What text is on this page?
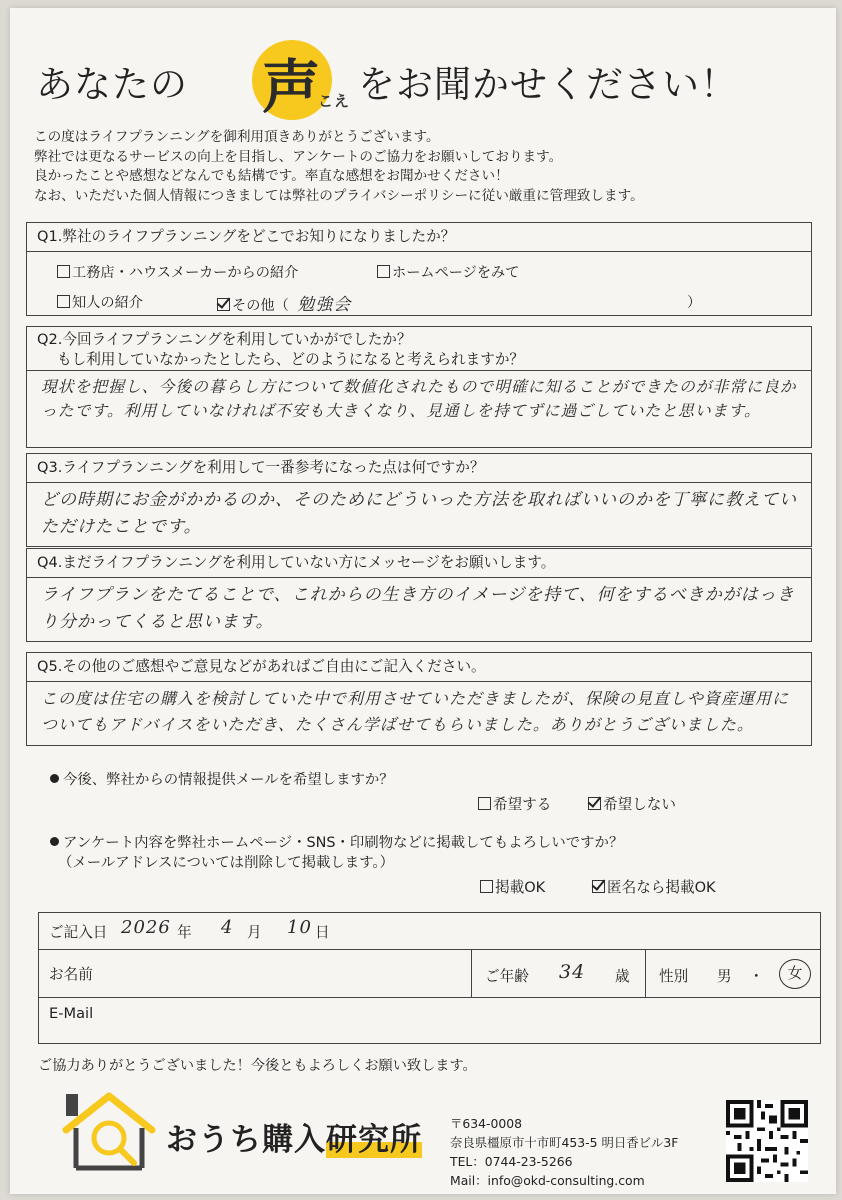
あなたの 声
こえ をお聞かせください！
この度はライフプランニングを御利用頂きありがとうございます。
弊社では更なるサービスの向上を目指し、アンケートのご協力をお願いしております。
良かったことや感想などなんでも結構です。率直な感想をお聞かせください！
なお、いただいた個人情報につきましては弊社のプライバシーポリシーに従い厳重に管理致します。
Q1.弊社のライフプランニングをどこでお知りになりましたか？
工務店・ハウスメーカーからの紹介	ホームページをみて
知人の紹介	その他（ 勉強会	）
Q2.今回ライフプランニングを利用していかがでしたか？
もし利用していなかったとしたら、どのようになると考えられますか？
現状を把握し、今後の暮らし方について数値化されたもので明確に知ることができたのが非常に良かったです。利用していなければ不安も大きくなり、見通しを持てずに過ごしていたと思います。
Q3.ライフプランニングを利用して一番参考になった点は何ですか？
どの時期にお金がかかるのか、そのためにどういった方法を取ればいいのかを丁寧に教えていただけたことです。
Q4.まだライフプランニングを利用していない方にメッセージをお願いします。
ライフプランをたてることで、これからの生き方のイメージを持て、何をするべきかがはっきり分かってくると思います。
Q5.その他のご感想やご意見などがあればご自由にご記入ください。
この度は住宅の購入を検討していた中で利用させていただきましたが、保険の見直しや資産運用についてもアドバイスをいただき、たくさん学ばせてもらいました。ありがとうございました。
今後、弊社からの情報提供メールを希望しますか？
希望する	希望しない
アンケート内容を弊社ホームページ・SNS・印刷物などに掲載してもよろしいですか？
（メールアドレスについては削除して掲載します。）
掲載OK	匿名なら掲載OK
ご記入日 2026 年 4 月 10 日
お名前	ご年齢 34 歳 性別 男 ・	女
E-Mail
ご協力ありがとうございました！今後ともよろしくお願い致します。
おうち購入研究所 〒634-0008
奈良県橿原市十市町453-5 明日香ビル3F
TEL：0744-23-5266
Mail：info@okd-consulting.com
